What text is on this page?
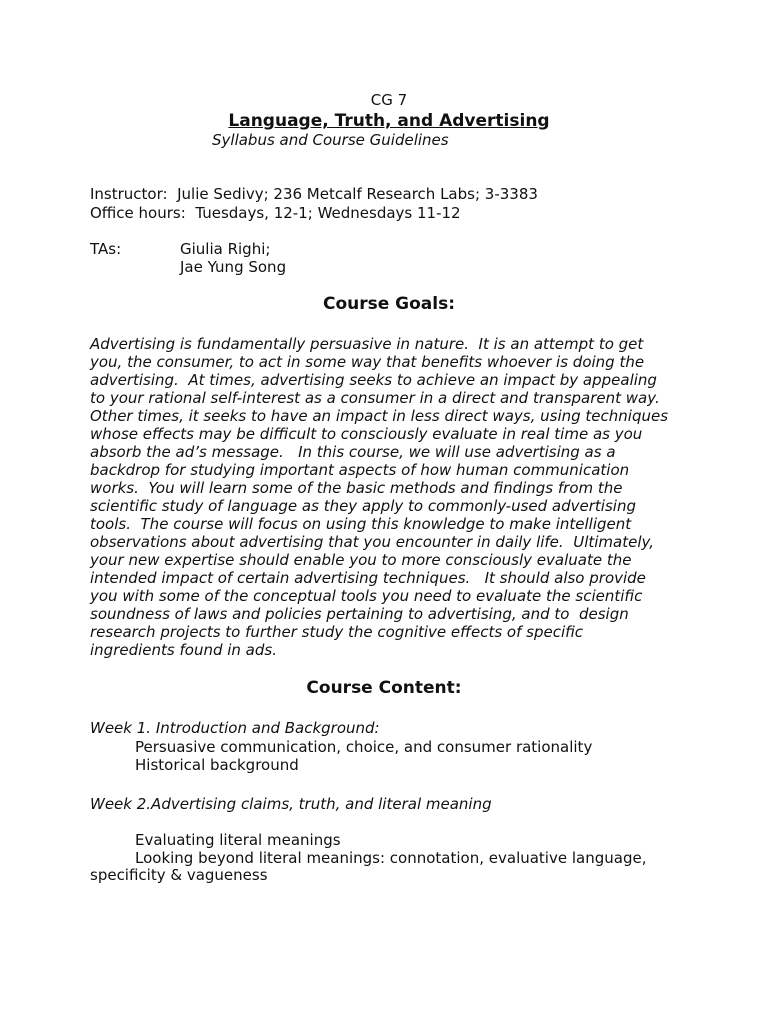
CG 7
Language, Truth, and Advertising
Syllabus and Course Guidelines
Instructor: Julie Sedivy; 236 Metcalf Research Labs; 3-3383
Office hours: Tuesdays, 12-1; Wednesdays 11-12
TAs:	Giulia Righi;
Jae Yung Song
Course Goals:
Advertising is fundamentally persuasive in nature.  It is an attempt to get
you, the consumer, to act in some way that benefits whoever is doing the
advertising.  At times, advertising seeks to achieve an impact by appealing
to your rational self-interest as a consumer in a direct and transparent way.
Other times, it seeks to have an impact in less direct ways, using techniques
whose effects may be difficult to consciously evaluate in real time as you
absorb the ad’s message.   In this course, we will use advertising as a
backdrop for studying important aspects of how human communication
works.  You will learn some of the basic methods and findings from the
scientific study of language as they apply to commonly-used advertising
tools.  The course will focus on using this knowledge to make intelligent
observations about advertising that you encounter in daily life.  Ultimately,
your new expertise should enable you to more consciously evaluate the
intended impact of certain advertising techniques.   It should also provide
you with some of the conceptual tools you need to evaluate the scientific
soundness of laws and policies pertaining to advertising, and to  design
research projects to further study the cognitive effects of specific
ingredients found in ads.
Course Content:
Week 1. Introduction and Background:
Persuasive communication, choice, and consumer rationality
Historical background
Week 2.Advertising claims, truth, and literal meaning
Evaluating literal meanings
Looking beyond literal meanings: connotation, evaluative language,
specificity & vagueness
